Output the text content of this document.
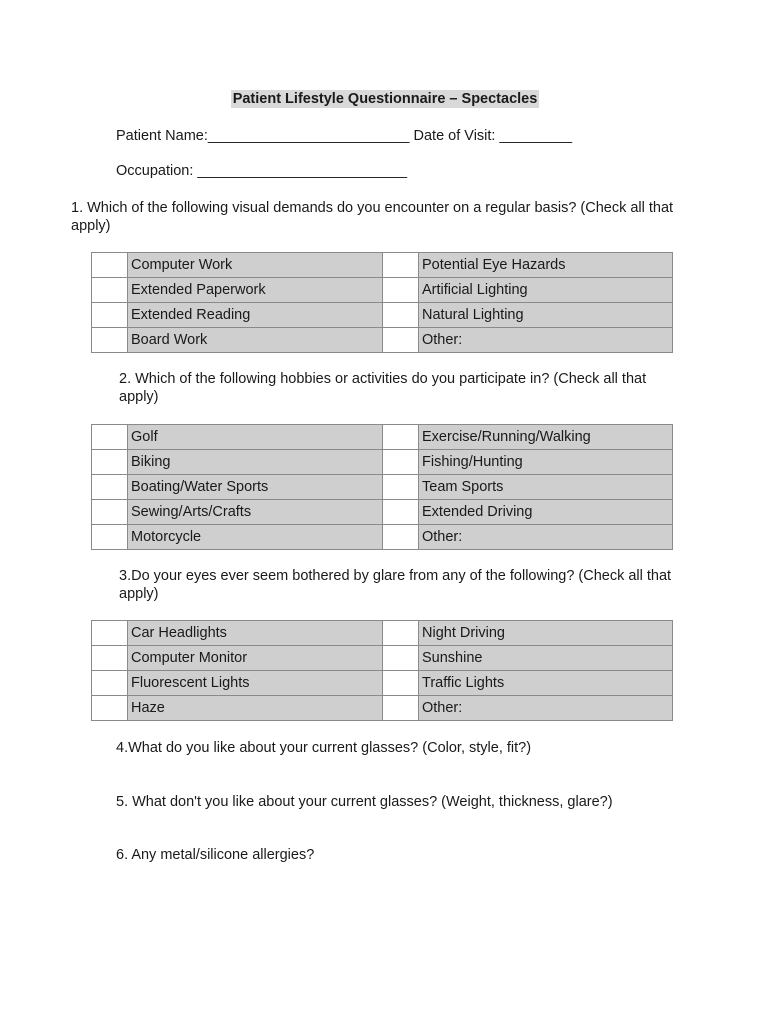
Patient Lifestyle Questionnaire – Spectacles
Patient Name:_________________________ Date of Visit: _________
Occupation: __________________________
1. Which of the following visual demands do you encounter on a regular basis? (Check all that apply)
	Computer Work		Potential Eye Hazards
	Extended Paperwork		Artificial Lighting
	Extended Reading		Natural Lighting
	Board Work		Other:
2. Which of the following hobbies or activities do you participate in? (Check all that apply)
	Golf		Exercise/Running/Walking
	Biking		Fishing/Hunting
	Boating/Water Sports		Team Sports
	Sewing/Arts/Crafts		Extended Driving
	Motorcycle		Other:
3.Do your eyes ever seem bothered by glare from any of the following? (Check all that apply)
	Car Headlights		Night Driving
	Computer Monitor		Sunshine
	Fluorescent Lights		Traffic Lights
	Haze		Other:
4.What do you like about your current glasses? (Color, style, fit?)
5. What don't you like about your current glasses? (Weight, thickness, glare?)
6. Any metal/silicone allergies?
